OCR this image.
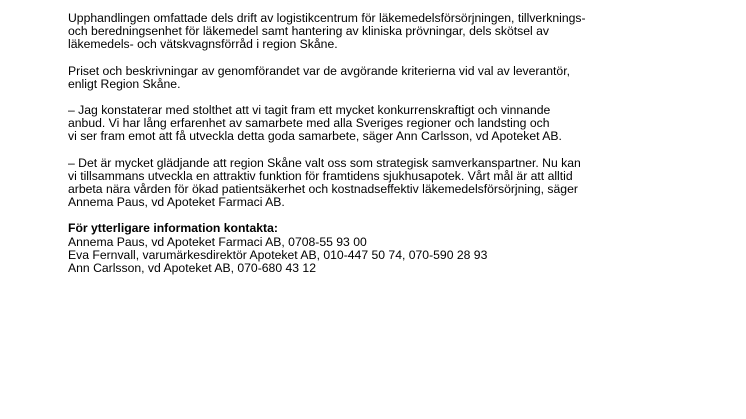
Upphandlingen omfattade dels drift av logistikcentrum för läkemedelsförsörjningen, tillverknings-
och beredningsenhet för läkemedel samt hantering av kliniska prövningar, dels skötsel av
läkemedels- och vätskvagnsförråd i region Skåne.

Priset och beskrivningar av genomförandet var de avgörande kriterierna vid val av leverantör,
enligt Region Skåne.

– Jag konstaterar med stolthet att vi tagit fram ett mycket konkurrenskraftigt och vinnande
anbud. Vi har lång erfarenhet av samarbete med alla Sveriges regioner och landsting och
vi ser fram emot att få utveckla detta goda samarbete, säger Ann Carlsson, vd Apoteket AB.

– Det är mycket glädjande att region Skåne valt oss som strategisk samverkanspartner. Nu kan
vi tillsammans utveckla en attraktiv funktion för framtidens sjukhusapotek. Vårt mål är att alltid
arbeta nära vården för ökad patientsäkerhet och kostnadseffektiv läkemedelsförsörjning, säger
Annema Paus, vd Apoteket Farmaci AB.

För ytterligare information kontakta:
Annema Paus, vd Apoteket Farmaci AB, 0708-55 93 00
Eva Fernvall, varumärkesdirektör Apoteket AB, 010-447 50 74, 070-590 28 93
Ann Carlsson, vd Apoteket AB, 070-680 43 12
